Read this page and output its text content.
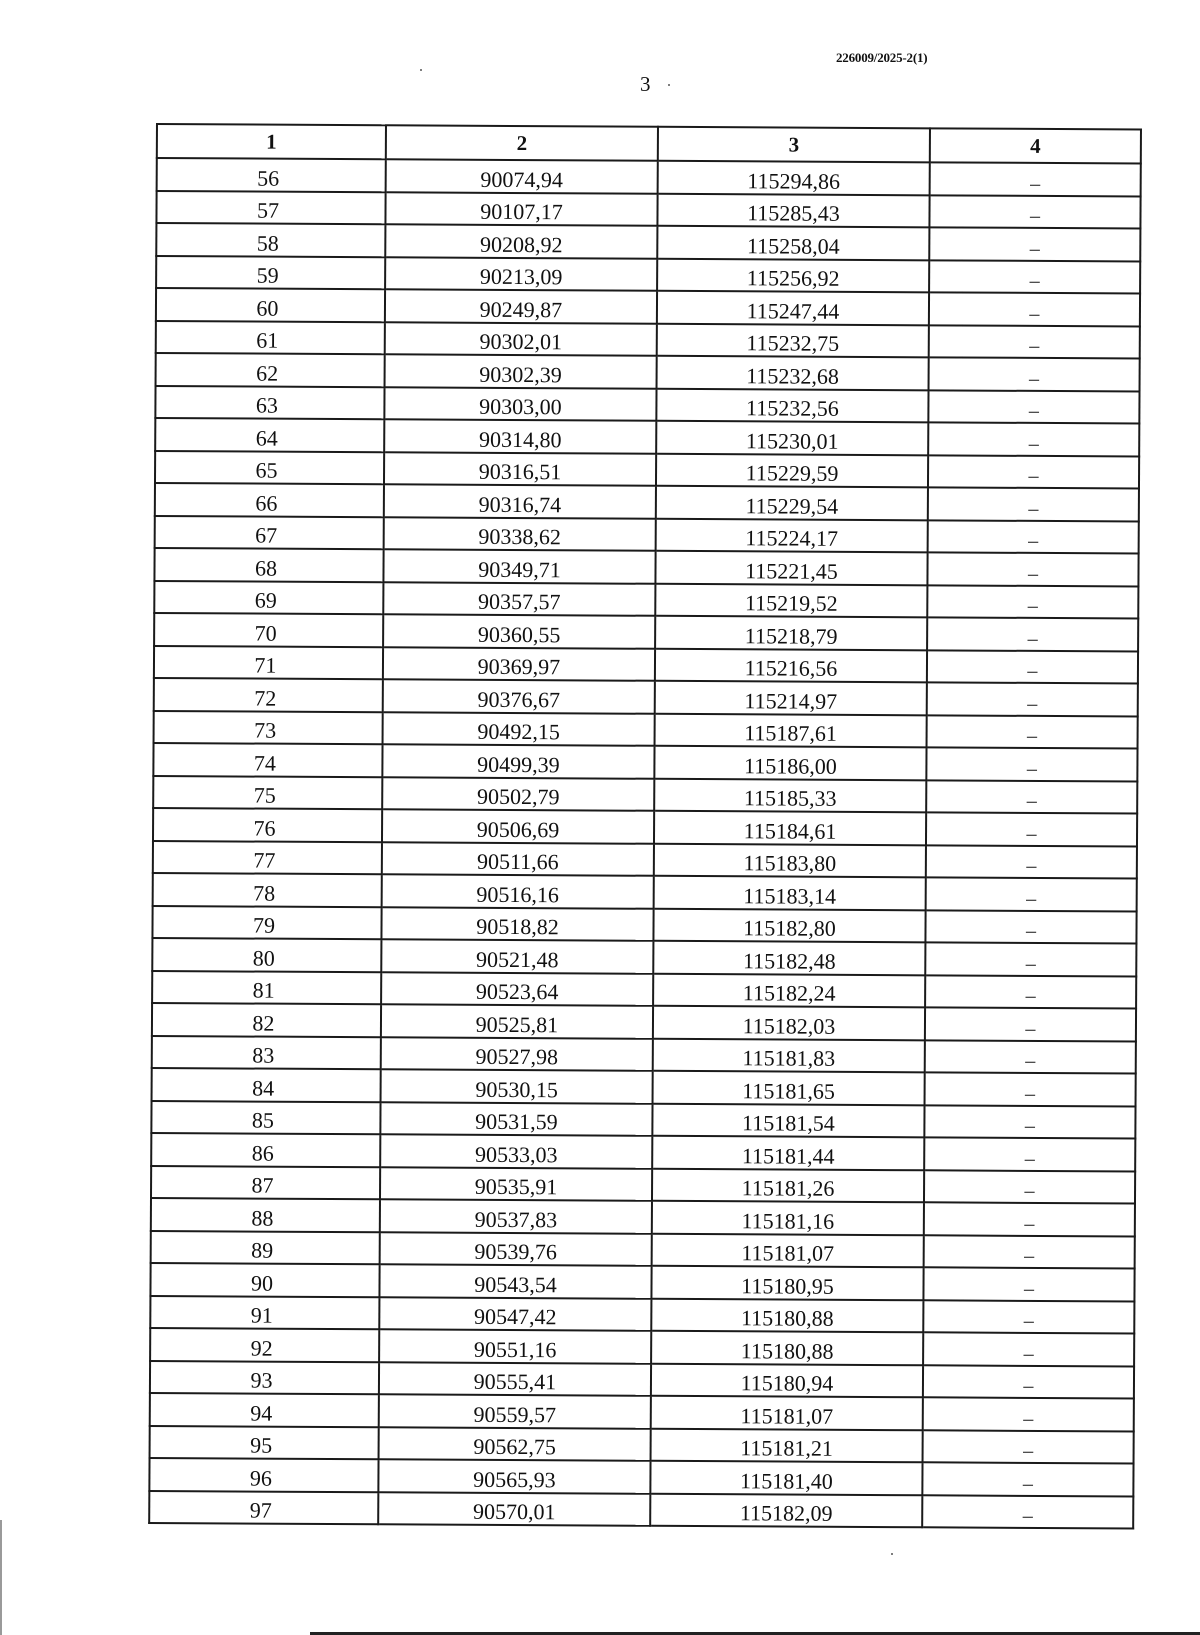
226009/2025-2(1)
3
1	2	3	4
56	90074,94	115294,86	–
57	90107,17	115285,43	–
58	90208,92	115258,04	–
59	90213,09	115256,92	–
60	90249,87	115247,44	–
61	90302,01	115232,75	–
62	90302,39	115232,68	–
63	90303,00	115232,56	–
64	90314,80	115230,01	–
65	90316,51	115229,59	–
66	90316,74	115229,54	–
67	90338,62	115224,17	–
68	90349,71	115221,45	–
69	90357,57	115219,52	–
70	90360,55	115218,79	–
71	90369,97	115216,56	–
72	90376,67	115214,97	–
73	90492,15	115187,61	–
74	90499,39	115186,00	–
75	90502,79	115185,33	–
76	90506,69	115184,61	–
77	90511,66	115183,80	–
78	90516,16	115183,14	–
79	90518,82	115182,80	–
80	90521,48	115182,48	–
81	90523,64	115182,24	–
82	90525,81	115182,03	–
83	90527,98	115181,83	–
84	90530,15	115181,65	–
85	90531,59	115181,54	–
86	90533,03	115181,44	–
87	90535,91	115181,26	–
88	90537,83	115181,16	–
89	90539,76	115181,07	–
90	90543,54	115180,95	–
91	90547,42	115180,88	–
92	90551,16	115180,88	–
93	90555,41	115180,94	–
94	90559,57	115181,07	–
95	90562,75	115181,21	–
96	90565,93	115181,40	–
97	90570,01	115182,09	–
